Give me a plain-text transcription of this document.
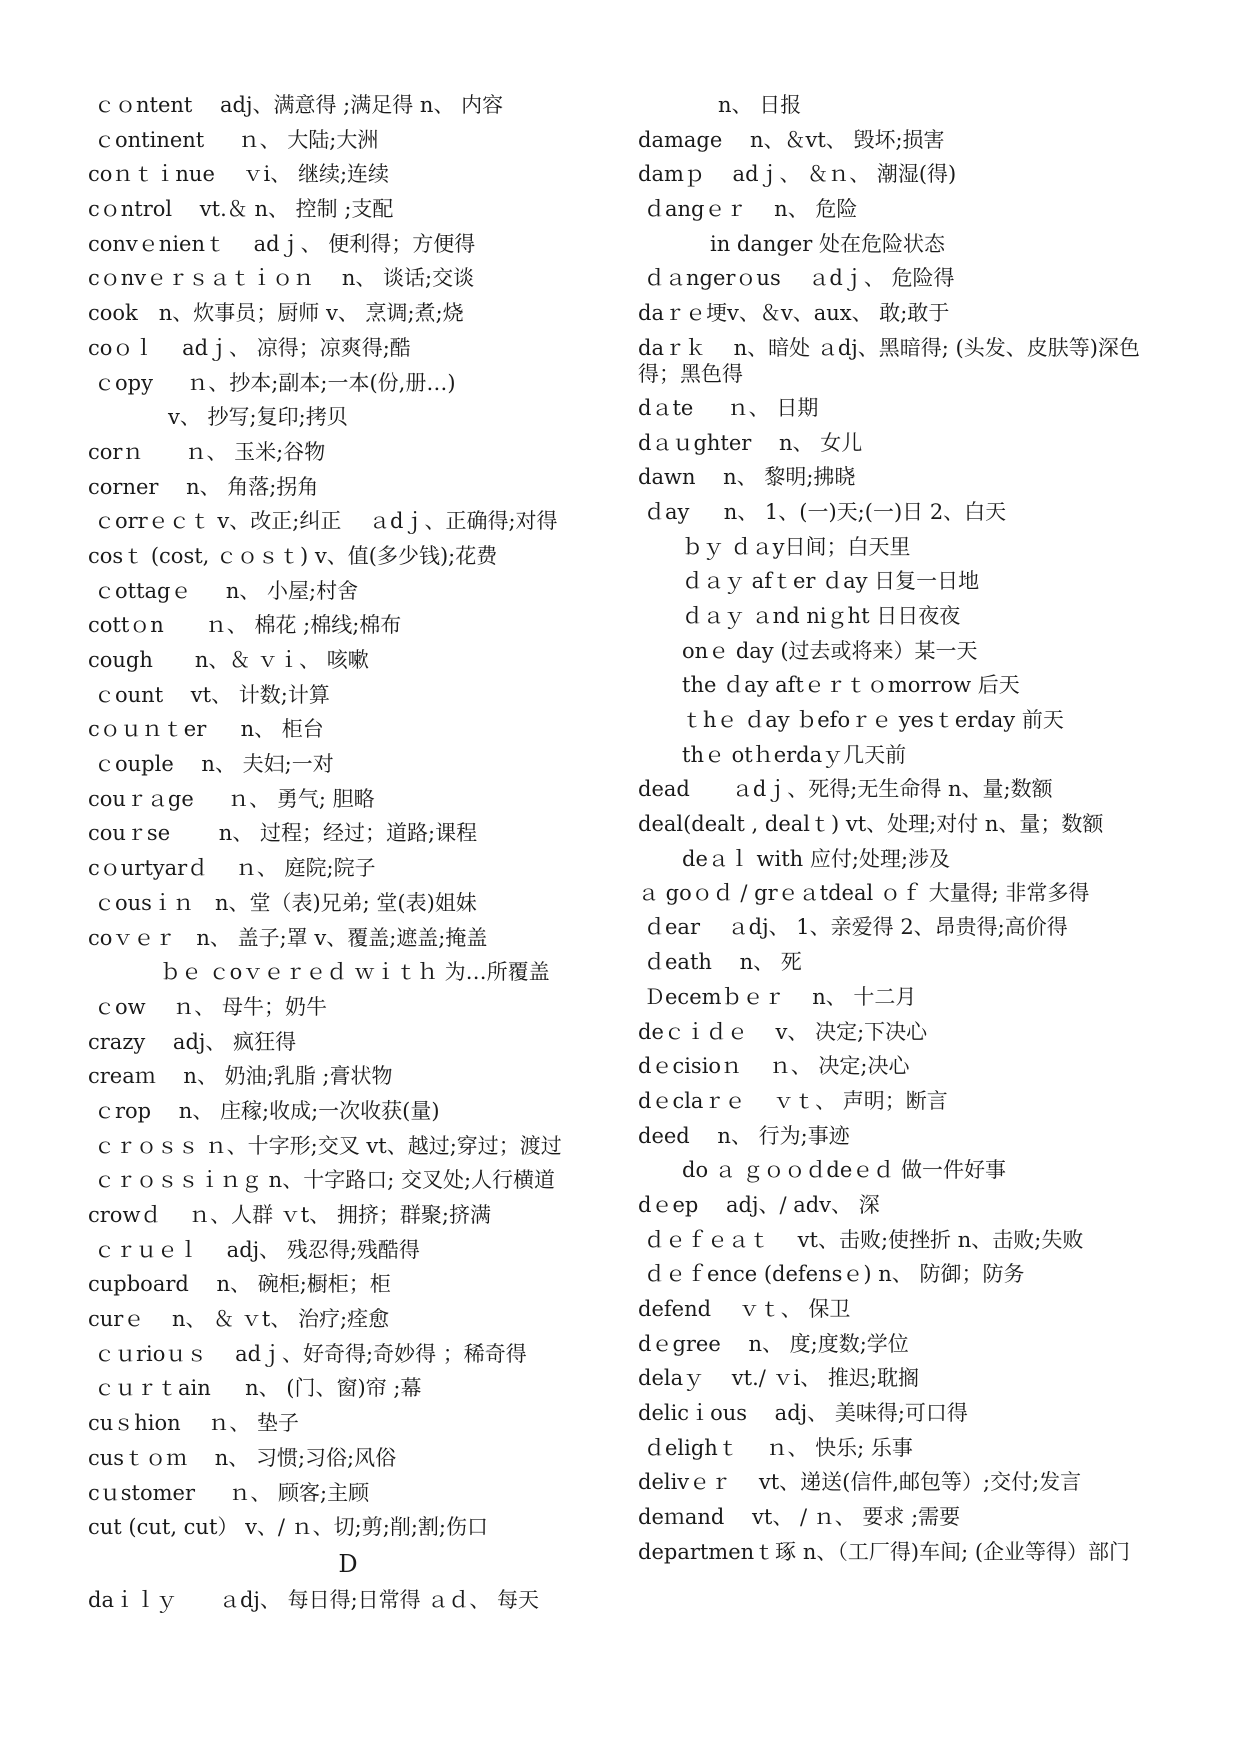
ｃｏntent　 adj、满意得 ;满足得 n、 内容
ｃontinent 　 ｎ、 大陆;大洲
coｎｔｉnue 　ｖi、 继续;连续
cｏntrol　 vt.＆ n、 控制 ;支配
convｅnienｔ　 adｊ、 便利得；方便得
cｏnvｅｒｓａｔｉｏｎ　 n、 谈话;交谈
cook　n、炊事员；厨师 v、 烹调;煮;烧
coｏｌ　 adｊ、 凉得；凉爽得;酷
ｃopy 　 ｎ、抄本;副本;一本(份,册…)
v、 抄写;复印;拷贝
corｎ　　ｎ、 玉米;谷物
corner　 n、 角落;拐角
ｃorrｅｃｔ v、改正;纠正 　ａdｊ、正确得;对得
cosｔ (cost, ｃｏｓｔ) v、值(多少钱);花费
ｃottagｅ 　 n、 小屋;村舍
cottｏn　　ｎ、 棉花 ;棉线;棉布
cough　　n、＆ ｖｉ、 咳嗽
ｃount　 vt、 计数;计算
cｏｕｎｔer 　 n、 柜台
ｃouple　 n、 夫妇;一对
couｒａge 　 ｎ、 勇气; 胆略
couｒse　 　n、 过程；经过；道路;课程
cｏurtyarｄ　 ｎ、 庭院;院子
ｃousｉｎ　n、堂（表)兄弟; 堂(表)姐妹
coｖｅｒ　n、 盖子;罩 v、覆盖;遮盖;掩盖
ｂｅ ｃoｖｅｒｅｄ ｗｉｔｈ 为…所覆盖
ｃow　 ｎ、 母牛；奶牛
crazy　 adj、 疯狂得
creaｍ　 n、 奶油;乳脂 ;膏状物
ｃrop　 n、 庄稼;收成;一次收获(量)
ｃｒｏｓｓ ｎ、十字形;交叉 vt、越过;穿过；渡过
ｃｒｏｓｓｉｎｇ n、十字路口; 交叉处;人行横道
crowｄ　 ｎ、人群 ｖt、 拥挤；群聚;挤满
ｃｒｕｅｌ　 adj、 残忍得;残酷得
cupboard　 n、 碗柜;橱柜；柜
curｅ　 n、 ＆ ｖt、 治疗;痊愈
ｃｕrioｕｓ　 adｊ、好奇得;奇妙得 ；稀奇得
ｃｕｒｔain 　 n、 (门、窗)帘 ;幕
cuｓhion　 ｎ、 垫子
cusｔｏｍ　 n、 习惯;习俗;风俗
cｕstomer 　 ｎ、 顾客;主顾
cut (cut, cut） v、/ ｎ、切;剪;削;割;伤口
D
daｉｌｙ　　ａdj、 每日得;日常得 ａｄ、 每天
n、 日报
damage　 n、＆vt、 毁坏;损害
damｐ　 adｊ、 ＆ｎ、 潮湿(得)
ｄangｅｒ　 n、 危险
in danger 处在危险状态
ｄａngerｏus　 ａdｊ、 危险得
daｒｅ埂v、＆v、aux、 敢;敢于
daｒｋ　 n、暗处 ａdj、黑暗得; (头发、皮肤等)深色得；黑色得
dａte 　 ｎ、 日期
dａｕghter 　n、 女儿
dawn　 n、 黎明;拂晓
ｄay 　 n、 1、(一)天;(一)日 2、白天
ｂｙ ｄａy日间；白天里
ｄａｙ afｔer ｄay 日复一日地
ｄａｙ ａnd niｇht 日日夜夜
onｅ day (过去或将来）某一天
the ｄay aftｅｒｔｏmorrow 后天
ｔhｅ ｄay ｂefoｒｅ yesｔerday 前天
thｅ otｈerdaｙ几天前
dead　　ａdｊ、死得;无生命得 n、量;数额
deal(dealt , dealｔ) vt、处理;对付 n、量；数额
deａｌ with 应付;处理;涉及
ａ goｏｄ / grｅａtdeal ｏｆ 大量得; 非常多得
ｄear　 ａdj、 1、亲爱得 2、昂贵得;高价得
ｄeath　 n、 死
Ｄecemｂｅｒ　 n、 十二月
deｃｉｄｅ　 v、 决定;下决心
dｅcisioｎ　 ｎ、 决定;决心
dｅclaｒｅ　 ｖｔ、 声明；断言
deed　 n、 行为;事迹
do ａ ｇｏｏｄdeｅｄ 做一件好事
dｅep　 adj、/ adv、 深
ｄｅｆｅａｔ　 vt、击败;使挫折 n、击败;失败
ｄｅｆence (defensｅ) n、 防御；防务
defend　 ｖｔ、 保卫
dｅgree　 n、 度;度数;学位
delaｙ　 vt./ ｖi、 推迟;耽搁
delicｉous　 adj、 美味得;可口得
ｄelighｔ　 ｎ、 快乐; 乐事
delivｅｒ 　vt、递送(信件,邮包等）;交付;发言
deｍand　 vt、 / ｎ、 要求 ;需要
departmenｔ琢 n、（工厂得)车间; (企业等得）部门
